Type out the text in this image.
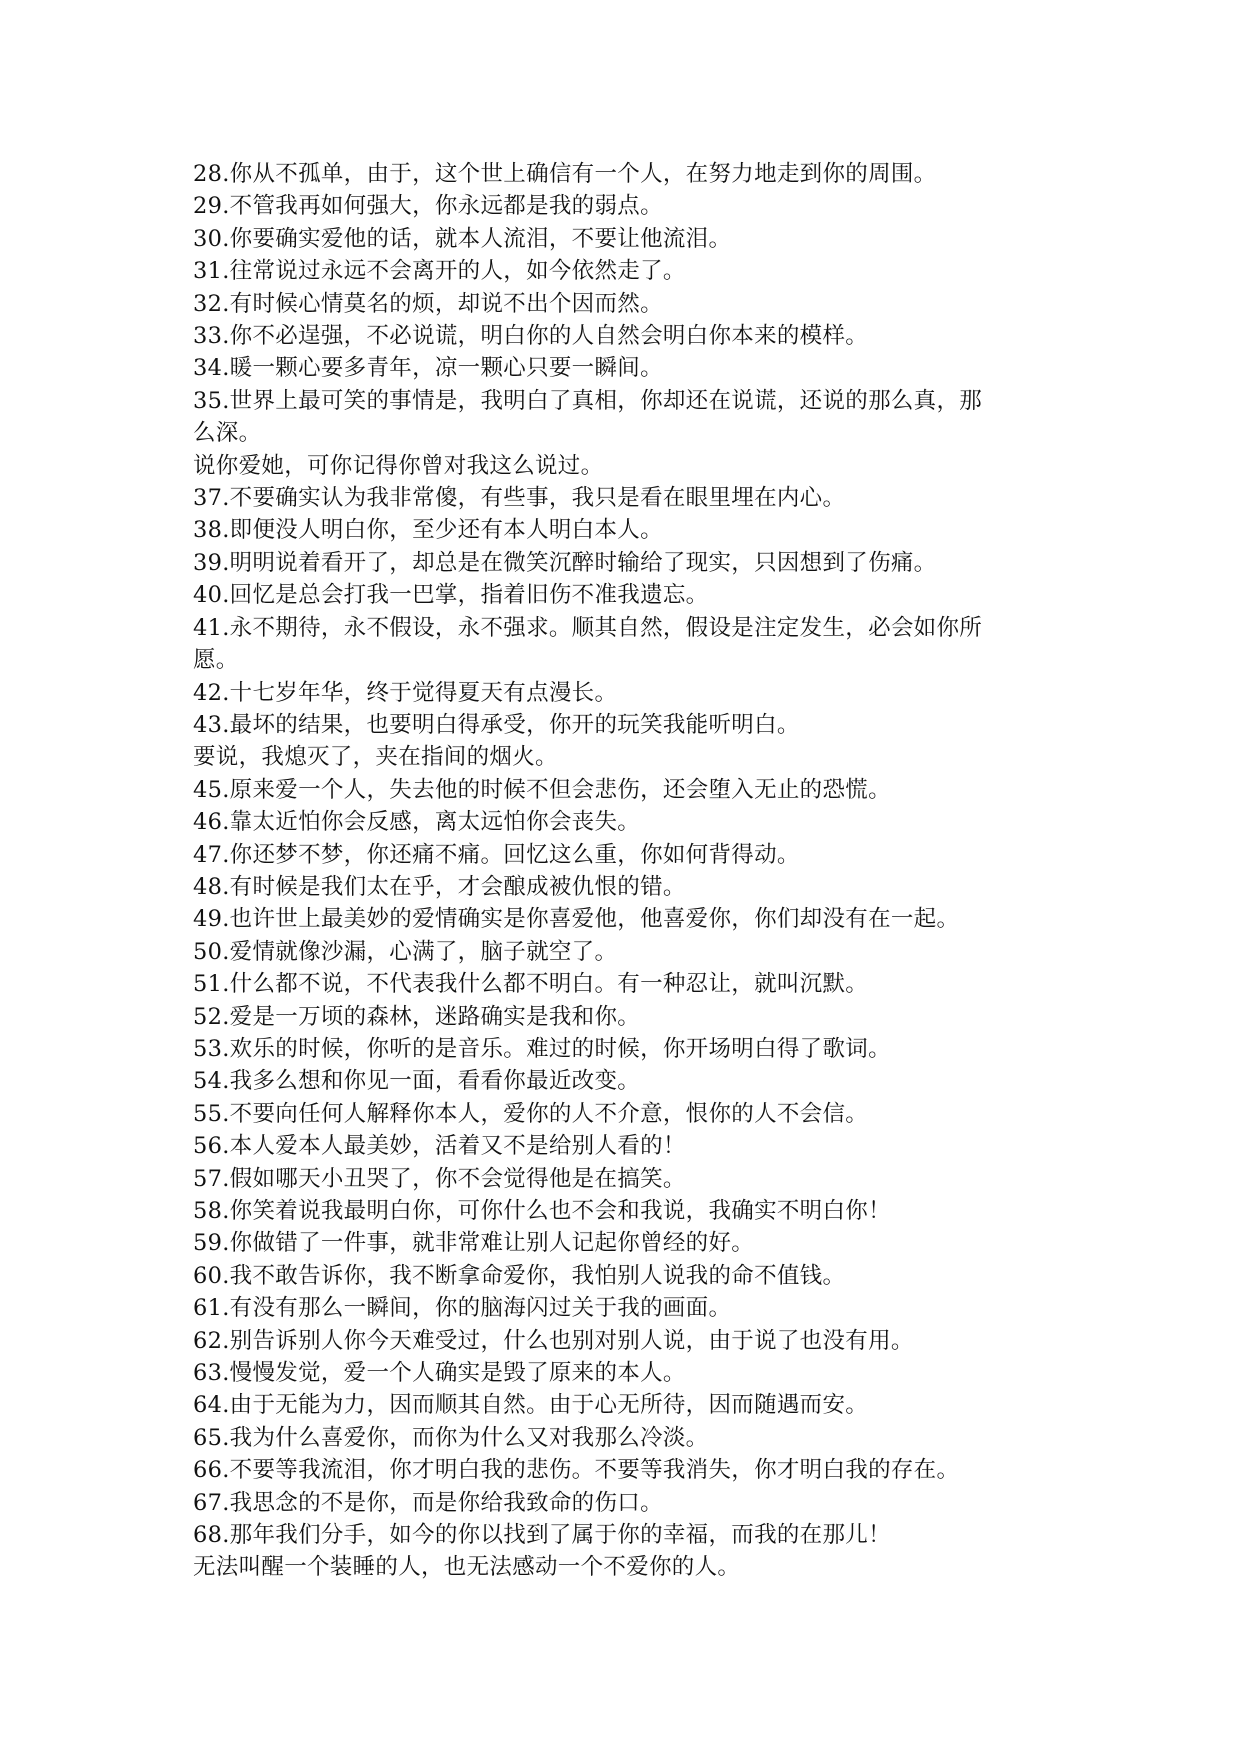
28.你从不孤单，由于，这个世上确信有一个人，在努力地走到你的周围。
29.不管我再如何强大，你永远都是我的弱点。
30.你要确实爱他的话，就本人流泪，不要让他流泪。
31.往常说过永远不会离开的人，如今依然走了。
32.有时候心情莫名的烦，却说不出个因而然。
33.你不必逞强，不必说谎，明白你的人自然会明白你本来的模样。
34.暖一颗心要多青年，凉一颗心只要一瞬间。
35.世界上最可笑的事情是，我明白了真相，你却还在说谎，还说的那么真，那
么深。
说你爱她，可你记得你曾对我这么说过。
37.不要确实认为我非常傻，有些事，我只是看在眼里埋在内心。
38.即便没人明白你，至少还有本人明白本人。
39.明明说着看开了，却总是在微笑沉醉时输给了现实，只因想到了伤痛。
40.回忆是总会打我一巴掌，指着旧伤不准我遗忘。
41.永不期待，永不假设，永不强求。顺其自然，假设是注定发生，必会如你所
愿。
42.十七岁年华，终于觉得夏天有点漫长。
43.最坏的结果，也要明白得承受，你开的玩笑我能听明白。
要说，我熄灭了，夹在指间的烟火。
45.原来爱一个人，失去他的时候不但会悲伤，还会堕入无止的恐慌。
46.靠太近怕你会反感，离太远怕你会丧失。
47.你还梦不梦，你还痛不痛。回忆这么重，你如何背得动。
48.有时候是我们太在乎，才会酿成被仇恨的错。
49.也许世上最美妙的爱情确实是你喜爱他，他喜爱你，你们却没有在一起。
50.爱情就像沙漏，心满了，脑子就空了。
51.什么都不说，不代表我什么都不明白。有一种忍让，就叫沉默。
52.爱是一万顷的森林，迷路确实是我和你。
53.欢乐的时候，你听的是音乐。难过的时候，你开场明白得了歌词。
54.我多么想和你见一面，看看你最近改变。
55.不要向任何人解释你本人，爱你的人不介意，恨你的人不会信。
56.本人爱本人最美妙，活着又不是给别人看的！
57.假如哪天小丑哭了，你不会觉得他是在搞笑。
58.你笑着说我最明白你，可你什么也不会和我说，我确实不明白你！
59.你做错了一件事，就非常难让别人记起你曾经的好。
60.我不敢告诉你，我不断拿命爱你，我怕别人说我的命不值钱。
61.有没有那么一瞬间，你的脑海闪过关于我的画面。
62.别告诉别人你今天难受过，什么也别对别人说，由于说了也没有用。
63.慢慢发觉，爱一个人确实是毁了原来的本人。
64.由于无能为力，因而顺其自然。由于心无所待，因而随遇而安。
65.我为什么喜爱你，而你为什么又对我那么冷淡。
66.不要等我流泪，你才明白我的悲伤。不要等我消失，你才明白我的存在。
67.我思念的不是你，而是你给我致命的伤口。
68.那年我们分手，如今的你以找到了属于你的幸福，而我的在那儿！
无法叫醒一个装睡的人，也无法感动一个不爱你的人。
